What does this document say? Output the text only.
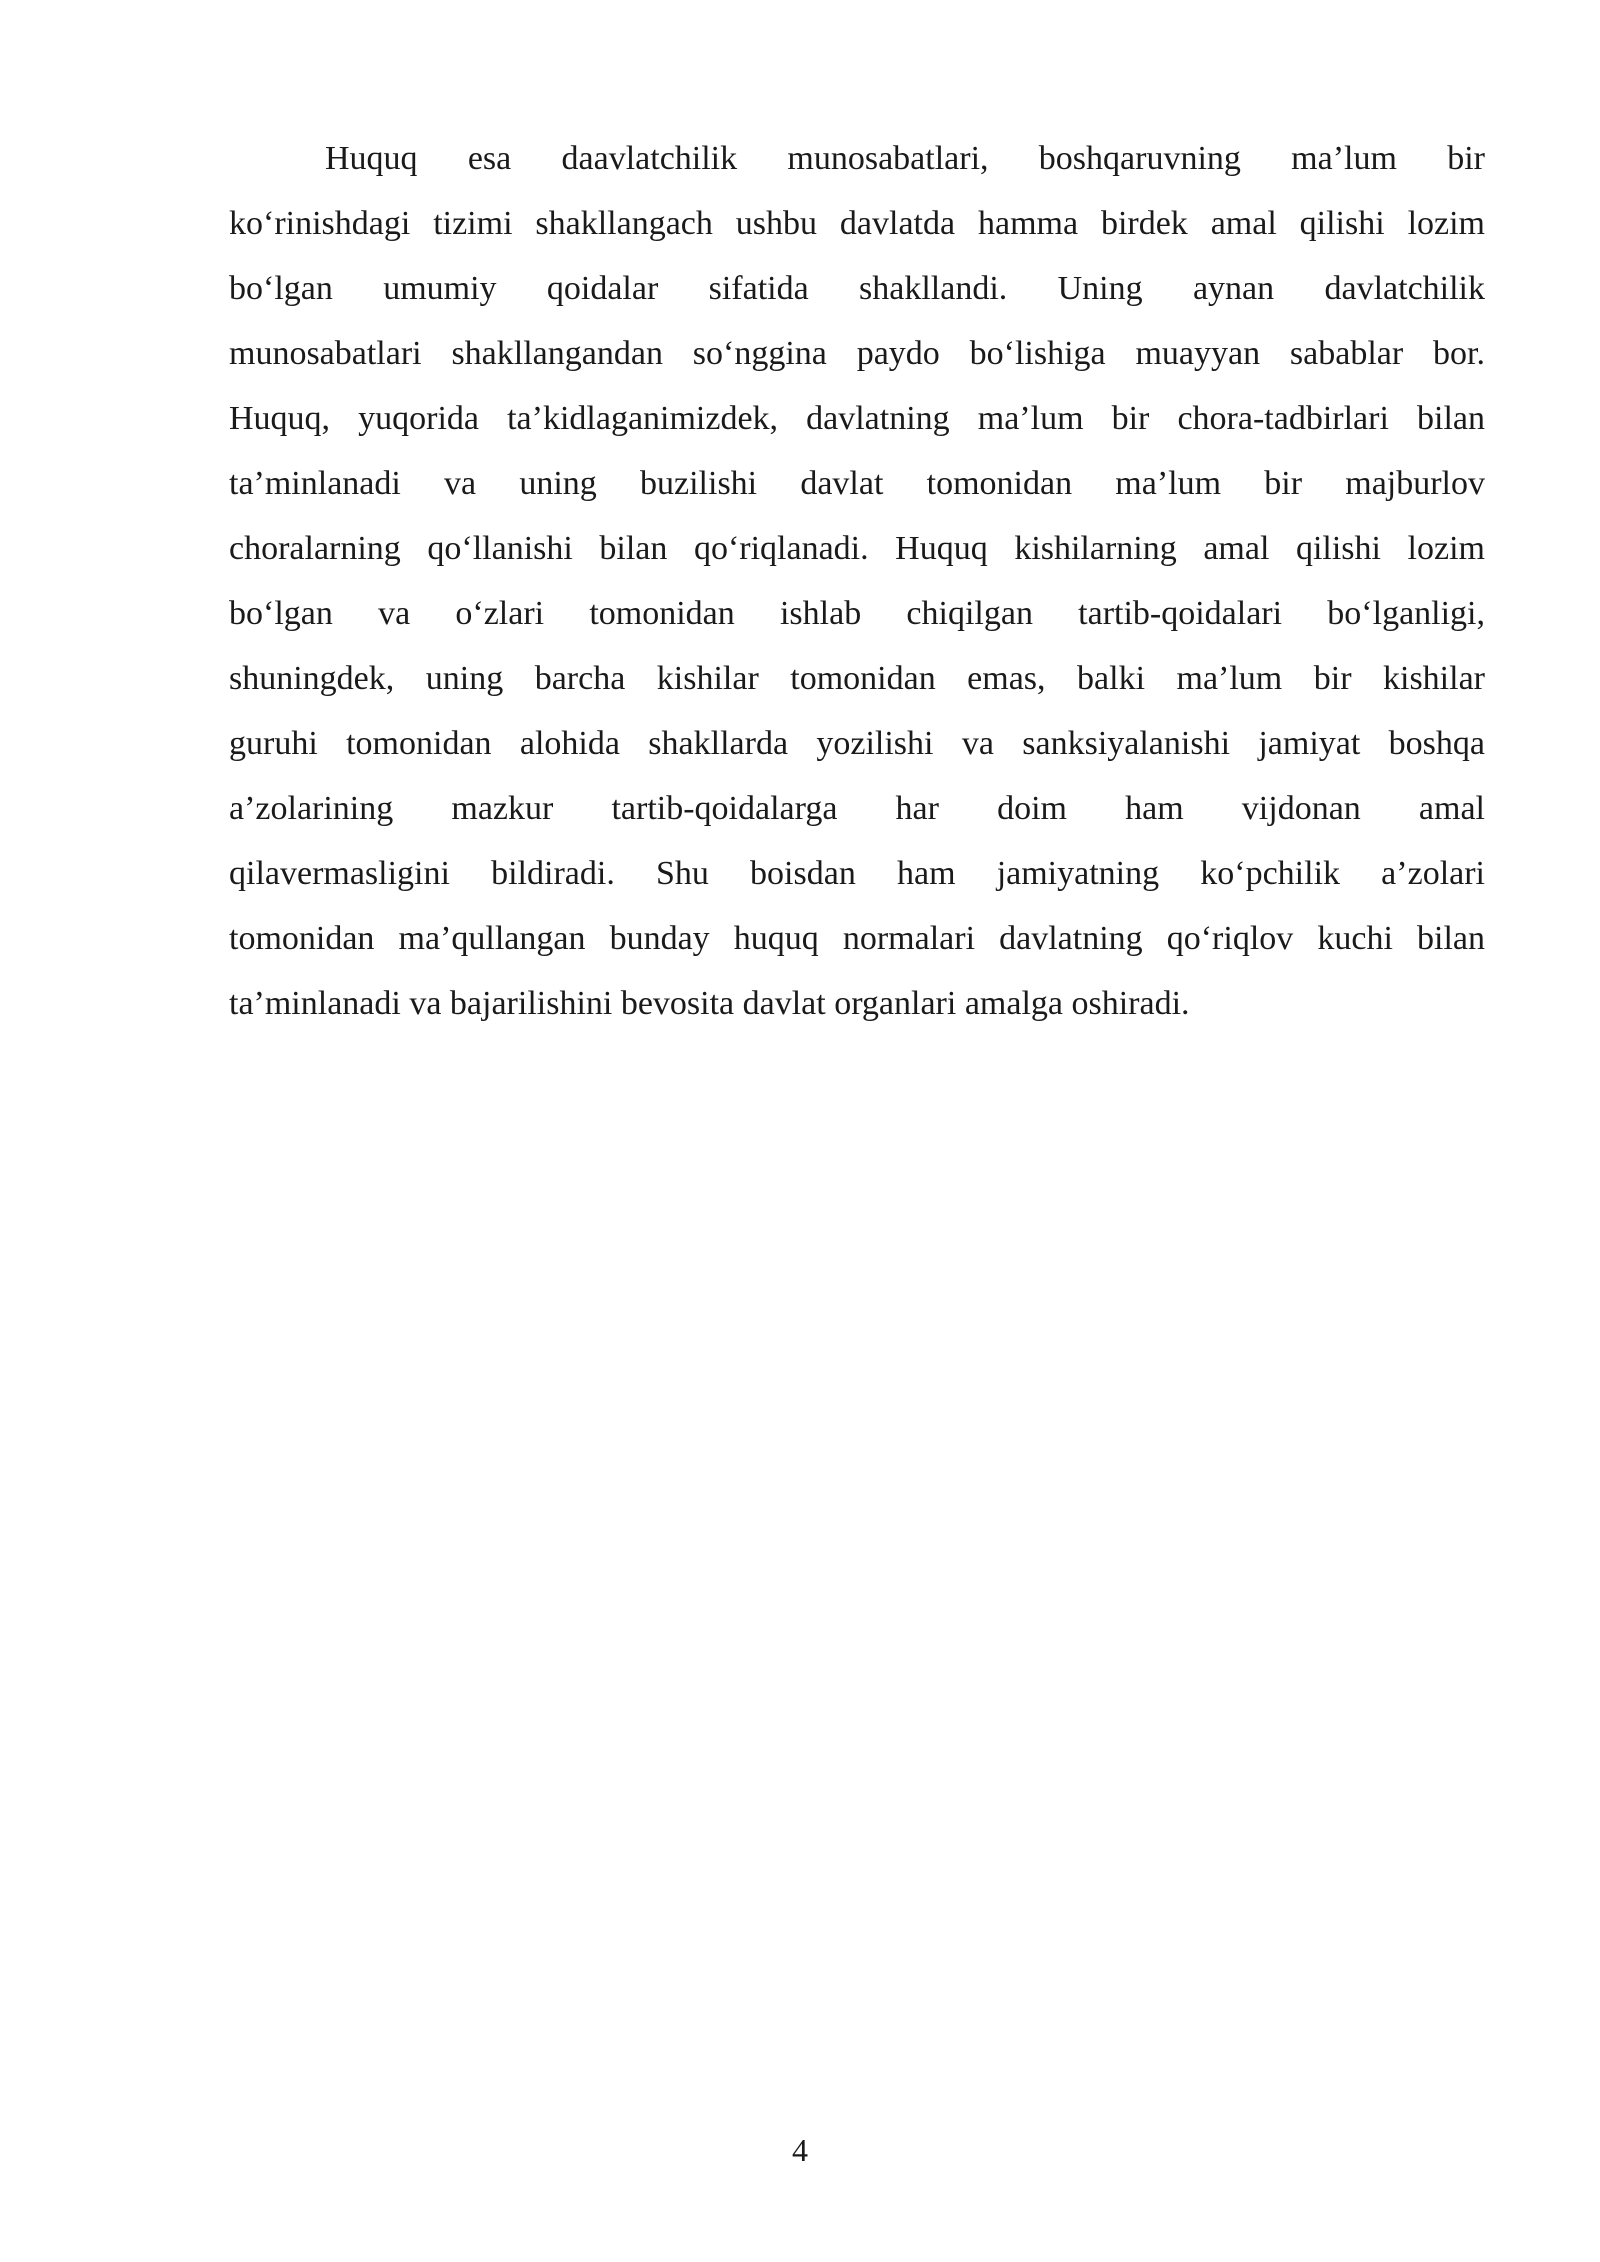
Huquq esa daavlatchilik munosabatlari, boshqaruvning ma’lum bir
ko‘rinishdagi tizimi shakllangach ushbu davlatda hamma birdek amal qilishi lozim
bo‘lgan umumiy qoidalar sifatida shakllandi. Uning aynan davlatchilik
munosabatlari shakllangandan so‘nggina paydo bo‘lishiga muayyan sabablar bor.
Huquq, yuqorida ta’kidlaganimizdek, davlatning ma’lum bir chora-tadbirlari bilan
ta’minlanadi va uning buzilishi davlat tomonidan ma’lum bir majburlov
choralarning qo‘llanishi bilan qo‘riqlanadi. Huquq kishilarning amal qilishi lozim
bo‘lgan va o‘zlari tomonidan ishlab chiqilgan tartib-qoidalari bo‘lganligi,
shuningdek, uning barcha kishilar tomonidan emas, balki ma’lum bir kishilar
guruhi tomonidan alohida shakllarda yozilishi va sanksiyalanishi jamiyat boshqa
a’zolarining mazkur tartib-qoidalarga har doim ham vijdonan amal
qilavermasligini bildiradi. Shu boisdan ham jamiyatning ko‘pchilik a’zolari
tomonidan ma’qullangan bunday huquq normalari davlatning qo‘riqlov kuchi bilan
ta’minlanadi va bajarilishini bevosita davlat organlari amalga oshiradi.

4
